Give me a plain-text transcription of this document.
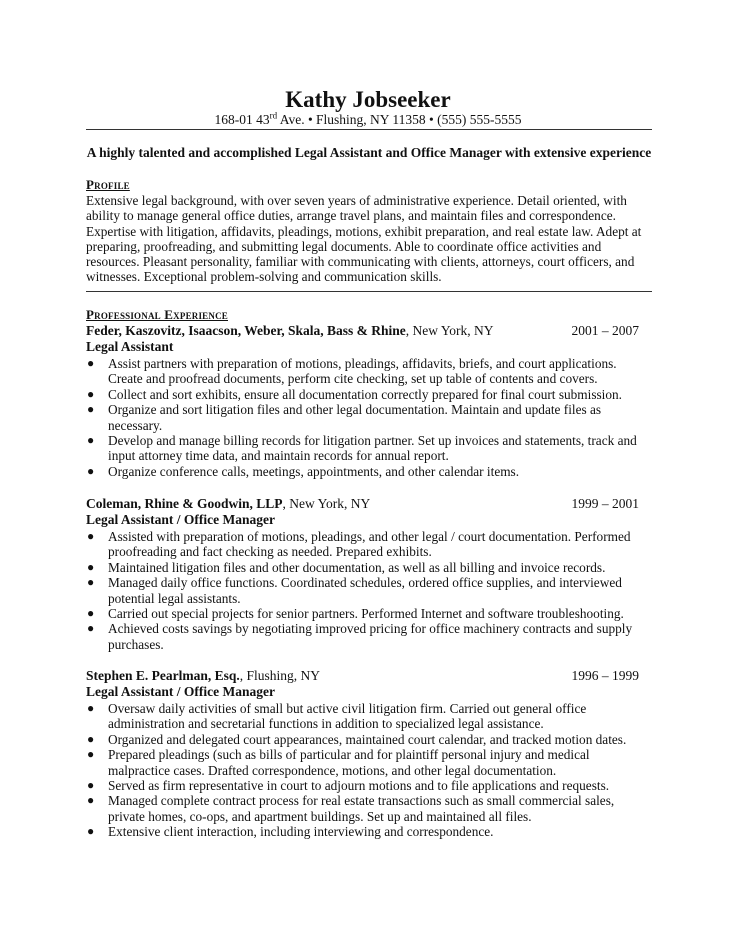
Kathy Jobseeker
168-01 43rd Ave. • Flushing, NY 11358 • (555) 555-5555
A highly talented and accomplished Legal Assistant and Office Manager with extensive experience
Profile
Extensive legal background, with over seven years of administrative experience. Detail oriented, with ability to manage general office duties, arrange travel plans, and maintain files and correspondence. Expertise with litigation, affidavits, pleadings, motions, exhibit preparation, and real estate law. Adept at preparing, proofreading, and submitting legal documents. Able to coordinate office activities and resources. Pleasant personality, familiar with communicating with clients, attorneys, court officers, and witnesses. Exceptional problem-solving and communication skills.
Professional Experience
Feder, Kaszovitz, Isaacson, Weber, Skala, Bass & Rhine, New York, NY	2001 – 2007
Legal Assistant
● Assist partners with preparation of motions, pleadings, affidavits, briefs, and court applications. Create and proofread documents, perform cite checking, set up table of contents and covers.
● Collect and sort exhibits, ensure all documentation correctly prepared for final court submission.
● Organize and sort litigation files and other legal documentation. Maintain and update files as necessary.
● Develop and manage billing records for litigation partner. Set up invoices and statements, track and input attorney time data, and maintain records for annual report.
● Organize conference calls, meetings, appointments, and other calendar items.
Coleman, Rhine & Goodwin, LLP, New York, NY	1999 – 2001
Legal Assistant / Office Manager
● Assisted with preparation of motions, pleadings, and other legal / court documentation. Performed proofreading and fact checking as needed. Prepared exhibits.
● Maintained litigation files and other documentation, as well as all billing and invoice records.
● Managed daily office functions. Coordinated schedules, ordered office supplies, and interviewed potential legal assistants.
● Carried out special projects for senior partners. Performed Internet and software troubleshooting.
● Achieved costs savings by negotiating improved pricing for office machinery contracts and supply purchases.
Stephen E. Pearlman, Esq., Flushing, NY	1996 – 1999
Legal Assistant / Office Manager
● Oversaw daily activities of small but active civil litigation firm. Carried out general office administration and secretarial functions in addition to specialized legal assistance.
● Organized and delegated court appearances, maintained court calendar, and tracked motion dates.
● Prepared pleadings (such as bills of particular and for plaintiff personal injury and medical malpractice cases. Drafted correspondence, motions, and other legal documentation.
● Served as firm representative in court to adjourn motions and to file applications and requests.
● Managed complete contract process for real estate transactions such as small commercial sales, private homes, co-ops, and apartment buildings. Set up and maintained all files.
● Extensive client interaction, including interviewing and correspondence.
